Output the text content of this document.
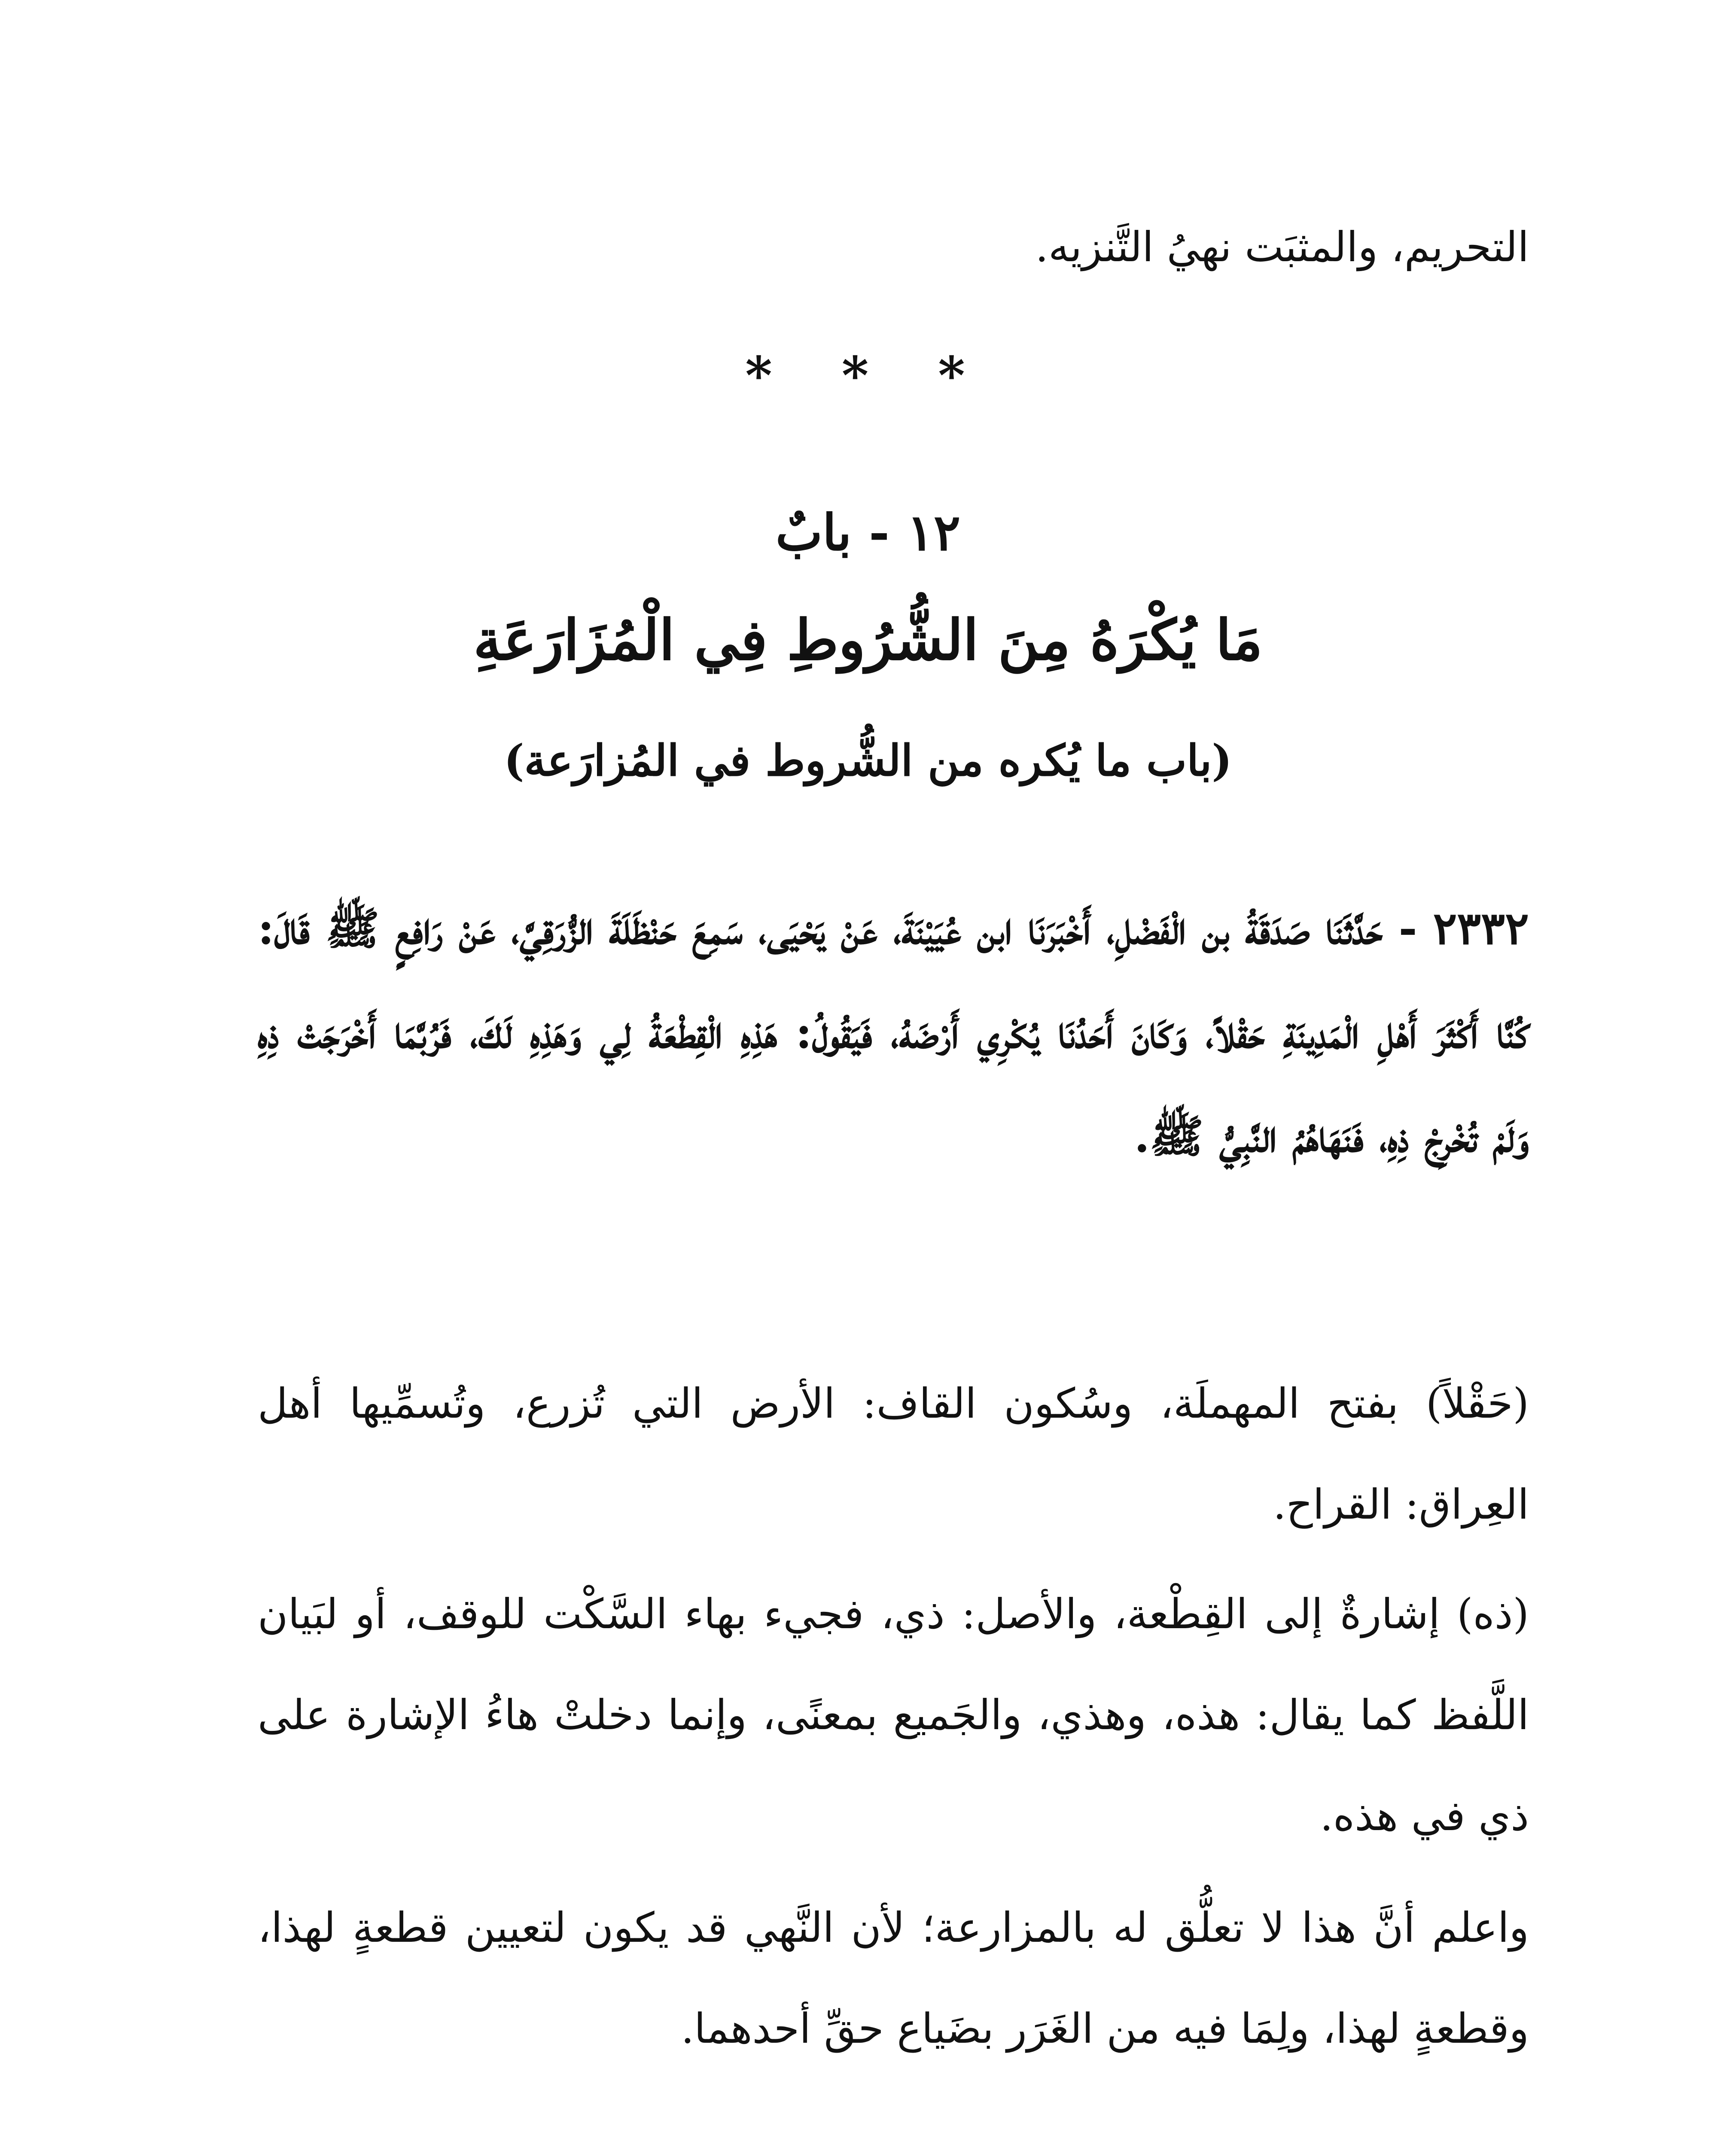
التحريم، والمثبَت نهيُ التَّنزيه.

* * *
١٢ - بابٌ
مَا يُكْرَهُ مِنَ الشُّرُوطِ فِي الْمُزَارَعَةِ
(باب ما يُكره من الشُّروط في المُزارَعة)

٢٣٣٢ - حَدَّثَنَا صَدَقَةُ بن الْفَضْلِ، أَخْبَرَنَا ابن عُيَيْنَةَ، عَنْ يَحْيَى، سَمِعَ حَنْظَلَةَ الزُّرَقِيَّ، عَنْ رَافِعٍ ﷺ قَالَ: كُنَّا أَكْثَرَ أَهْلِ الْمَدِينَةِ حَقْلاً، وَكَانَ أَحَدُنَا يُكْرِي أَرْضَهُ، فَيَقُولُ: هَذِهِ الْقِطْعَةُ لِي وَهَذِهِ لَكَ، فَرُبَّمَا أَخْرَجَتْ ذِهِ وَلَمْ تُخْرِجْ ذِهِ، فَنَهَاهُمُ النَّبِيُّ ﷺ.

(حَقْلاً) بفتح المهملَة، وسُكون القاف: الأرض التي تُزرع، وتُسمِّيها أهل العِراق: القراح.

(ذه) إشارةٌ إلى القِطْعة، والأصل: ذي، فجيء بهاء السَّكْت للوقف، أو لبَيان اللَّفظ كما يقال: هذه، وهذي، والجَميع بمعنًى، وإنما دخلتْ هاءُ الإشارة على ذي في هذه.

واعلم أنَّ هذا لا تعلُّق له بالمزارعة؛ لأن النَّهي قد يكون لتعيين قطعةٍ لهذا، وقطعةٍ لهذا، ولِمَا فيه من الغَرَر بضَياع حقِّ أحدهما.
